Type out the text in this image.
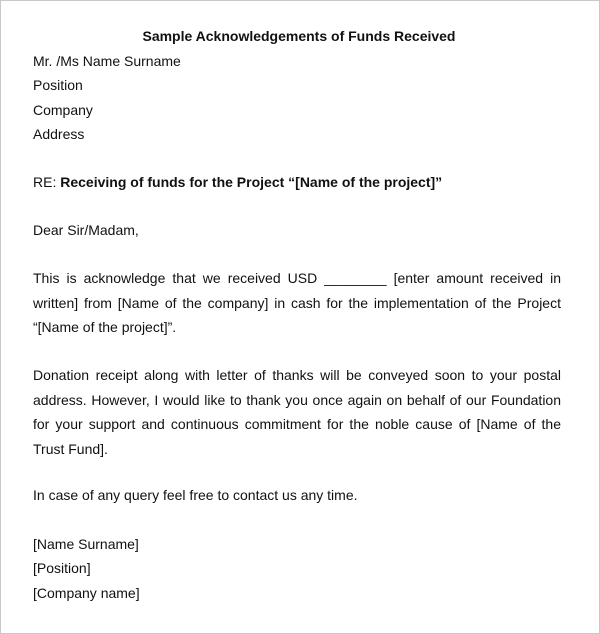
Sample Acknowledgements of Funds Received
Mr. /Ms Name Surname
Position
Company
Address
RE: Receiving of funds for the Project “[Name of the project]”
Dear Sir/Madam,
This is acknowledge that we received USD ________ [enter amount received in
written] from [Name of the company] in cash for the implementation of the Project
“[Name of the project]”.
Donation receipt along with letter of thanks will be conveyed soon to your postal
address. However, I would like to thank you once again on behalf of our Foundation
for your support and continuous commitment for the noble cause of [Name of the
Trust Fund].
In case of any query feel free to contact us any time.
[Name Surname]
[Position]
[Company name]
